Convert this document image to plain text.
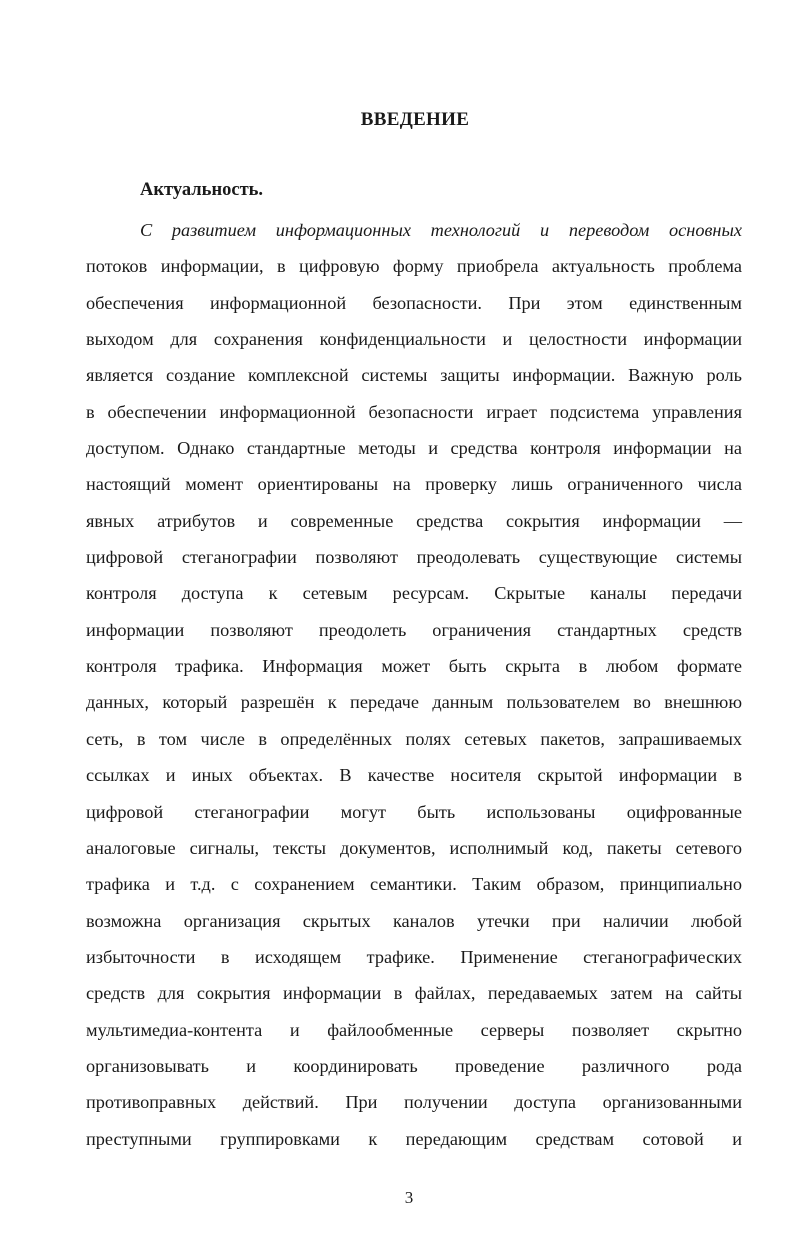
ВВЕДЕНИЕ
Актуальность.
С развитием информационных технологий и переводом основных
потоков информации, в цифровую форму приобрела актуальность проблема
обеспечения информационной безопасности. При этом единственным
выходом для сохранения конфиденциальности и целостности информации
является создание комплексной системы защиты информации. Важную роль
в обеспечении информационной безопасности играет подсистема управления
доступом. Однако стандартные методы и средства контроля информации на
настоящий момент ориентированы на проверку лишь ограниченного числа
явных атрибутов и современные средства сокрытия информации —
цифровой стеганографии позволяют преодолевать существующие системы
контроля доступа к сетевым ресурсам. Скрытые каналы передачи
информации позволяют преодолеть ограничения стандартных средств
контроля трафика. Информация может быть скрыта в любом формате
данных, который разрешён к передаче данным пользователем во внешнюю
сеть, в том числе в определённых полях сетевых пакетов, запрашиваемых
ссылках и иных объектах. В качестве носителя скрытой информации в
цифровой стеганографии могут быть использованы оцифрованные
аналоговые сигналы, тексты документов, исполнимый код, пакеты сетевого
трафика и т.д. с сохранением семантики. Таким образом, принципиально
возможна организация скрытых каналов утечки при наличии любой
избыточности в исходящем трафике. Применение стеганографических
средств для сокрытия информации в файлах, передаваемых затем на сайты
мультимедиа-контента и файлообменные серверы позволяет скрытно
организовывать и координировать проведение различного рода
противоправных действий. При получении доступа организованными
преступными группировками к передающим средствам сотовой и
3
